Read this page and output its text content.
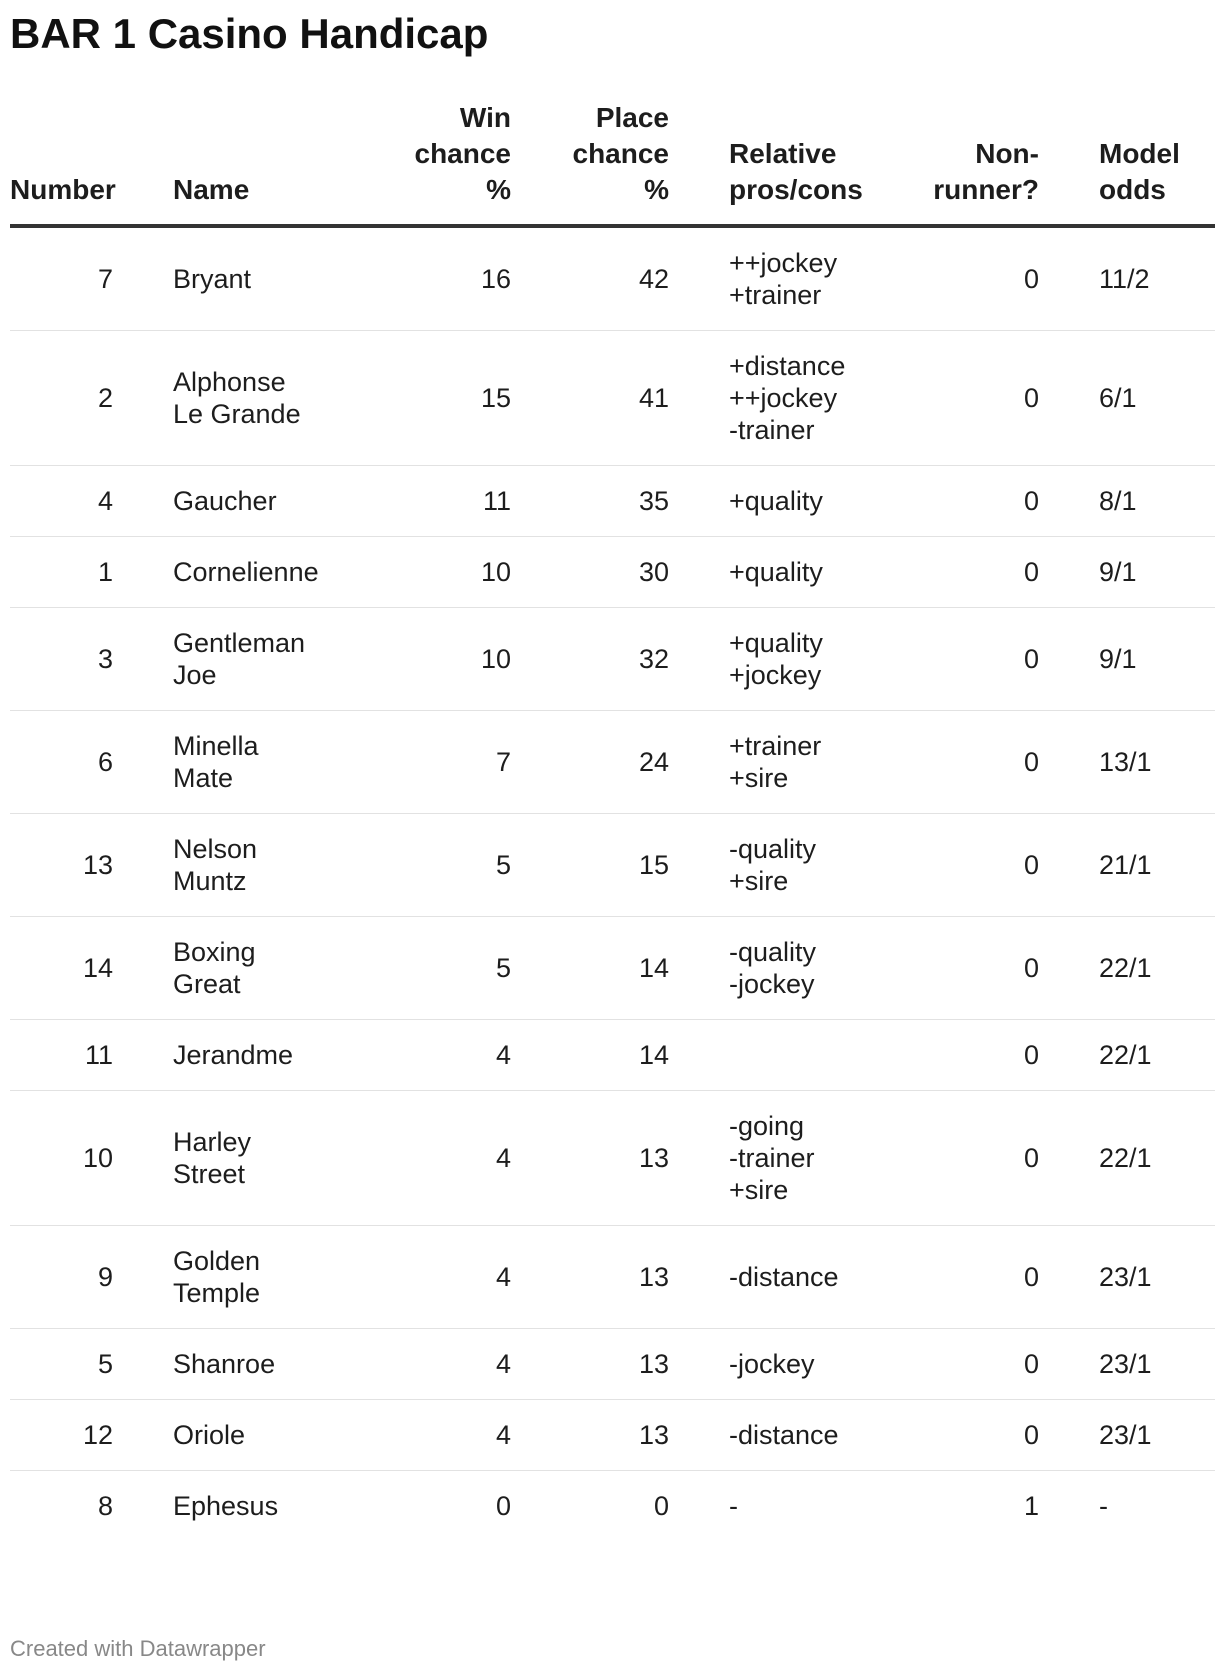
BAR 1 Casino Handicap
Number	Name	Win
chance
%	Place
chance
%	Relative
pros/cons	Non-
runner?	Model
odds

7	Bryant	16	42	++jockey
+trainer	0	11/2
2	Alphonse
Le Grande	15	41	+distance
++jockey
-trainer	0	6/1
4	Gaucher	11	35	+quality	0	8/1
1	Cornelienne	10	30	+quality	0	9/1
3	Gentleman
Joe	10	32	+quality
+jockey	0	9/1
6	Minella
Mate	7	24	+trainer
+sire	0	13/1
13	Nelson
Muntz	5	15	-quality
+sire	0	21/1
14	Boxing
Great	5	14	-quality
-jockey	0	22/1
11	Jerandme	4	14		0	22/1
10	Harley
Street	4	13	-going
-trainer
+sire	0	22/1
9	Golden
Temple	4	13	-distance	0	23/1
5	Shanroe	4	13	-jockey	0	23/1
12	Oriole	4	13	-distance	0	23/1
8	Ephesus	0	0	-	1	-
Created with Datawrapper
